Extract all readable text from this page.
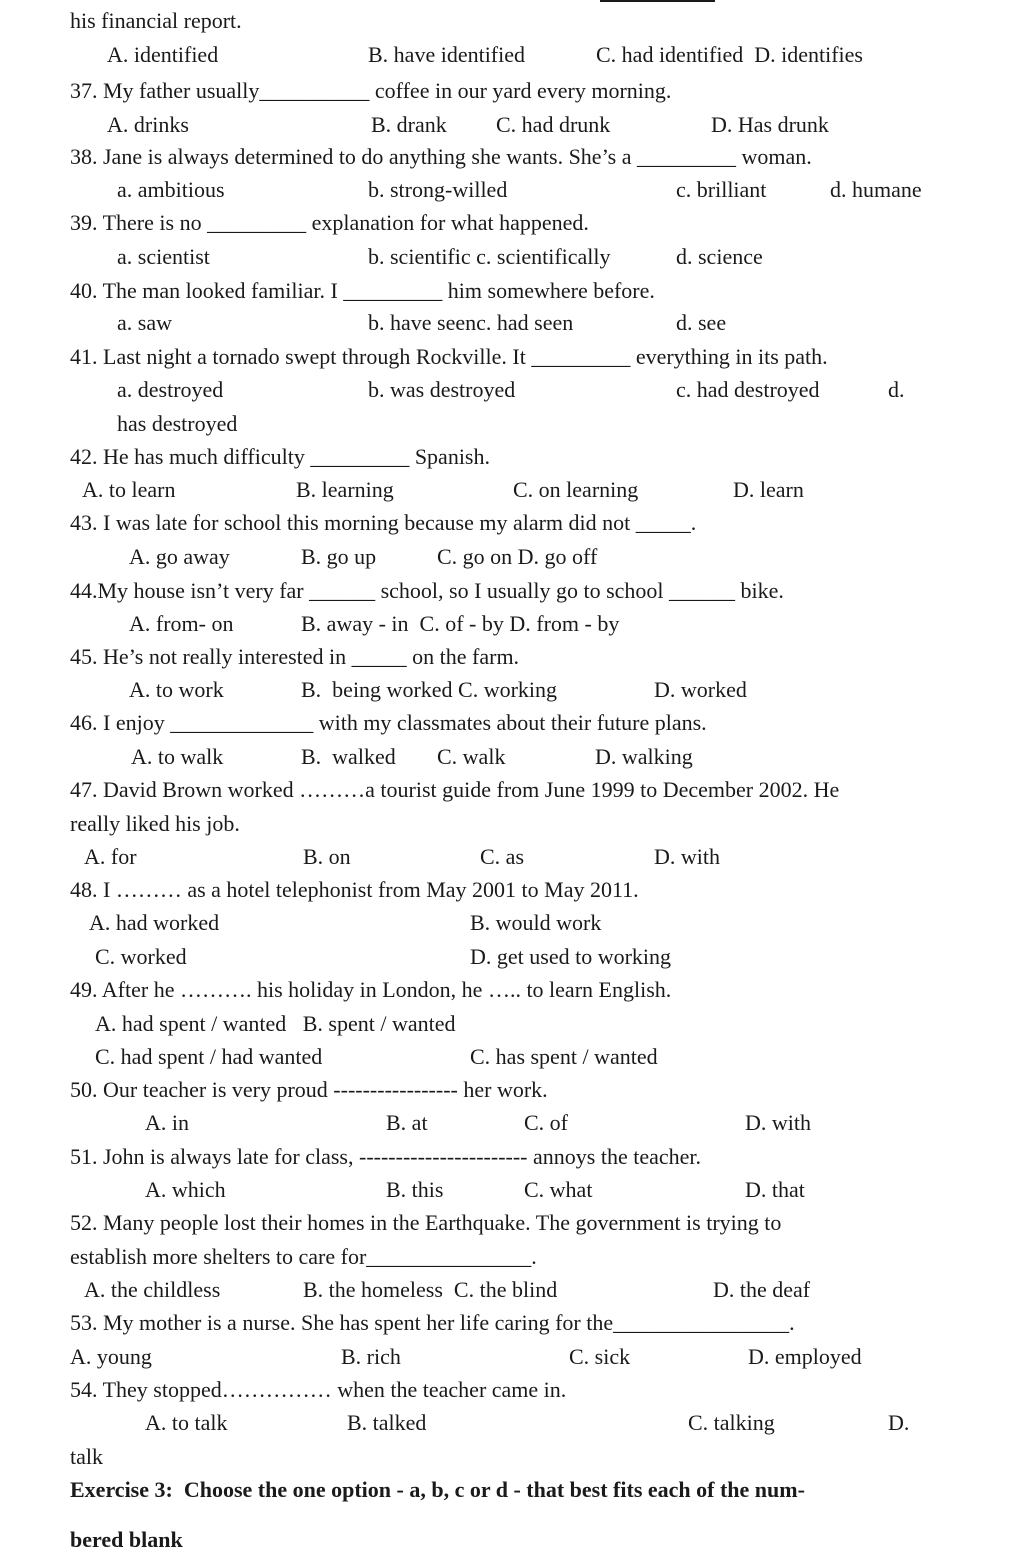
his financial report.
A. identified	B. have identified	C. had identified  D. identifies
37. My father usually__________ coffee in our yard every morning.
A. drinks	B. drank C. had drunk	D. Has drunk
38. Jane is always determined to do anything she wants. She’s a _________ woman.
a. ambitious	b. strong-willed	c. brilliant	d. humane
39. There is no _________ explanation for what happened.
a. scientist	b. scientific c. scientifically	d. science
40. The man looked familiar. I _________ him somewhere before.
a. saw	b. have seenc. had seen	d. see
41. Last night a tornado swept through Rockville. It _________ everything in its path.
a. destroyed	b. was destroyed	c. had destroyed	d.
has destroyed
42. He has much difficulty _________ Spanish.
A. to learn	B. learning	C. on learning	D. learn
43. I was late for school this morning because my alarm did not _____.
A. go away	B. go up	C. go on D. go off
44.My house isn’t very far ______ school, so I usually go to school ______ bike.
A. from- on	B. away - in  C. of - by D. from - by
45. He’s not really interested in _____ on the farm.
A. to work	B.  being worked C. working	D. worked
46. I enjoy _____________ with my classmates about their future plans.
A. to walk	B.  walked C. walk	D. walking
47. David Brown worked ………a tourist guide from June 1999 to December 2002. He
really liked his job.
A. for	B. on	C. as	D. with
48. I ……… as a hotel telephonist from May 2001 to May 2011.
A. had worked	B. would work
C. worked	D. get used to working
49. After he ………. his holiday in London, he ….. to learn English.
A. had spent / wanted   B. spent / wanted
C. had spent / had wanted	C. has spent / wanted
50. Our teacher is very proud ----------------- her work.
A. in	B. at	C. of	D. with
51. John is always late for class, ----------------------- annoys the teacher.
A. which	B. this	C. what	D. that
52. Many people lost their homes in the Earthquake. The government is trying to
establish more shelters to care for_______________.
A. the childless	B. the homeless  C. the blind	D. the deaf
53. My mother is a nurse. She has spent her life caring for the________________.
A. young	B. rich	C. sick	D. employed
54. They stopped…………… when the teacher came in.
A. to talk	B. talked	C. talking	D.
talk
Exercise 3:  Choose the one option - a, b, c or d - that best fits each of the num-
bered blank
